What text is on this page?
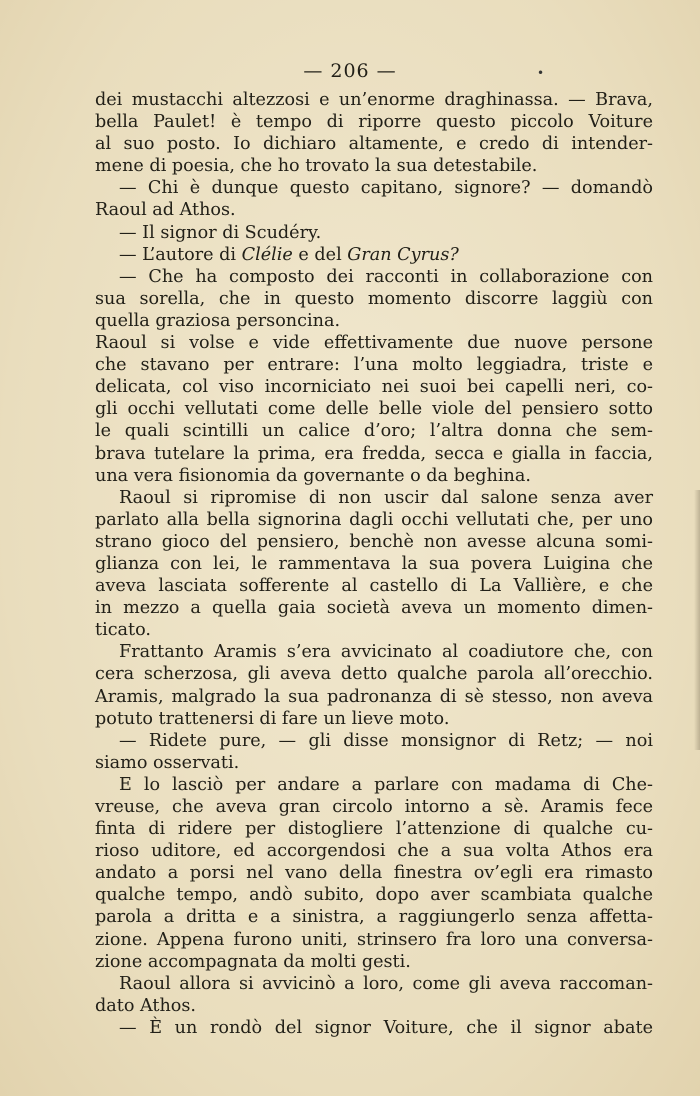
— 206 —	•
dei mustacchi altezzosi e un’enorme draghinassa. — Brava,
bella Paulet! è tempo di riporre questo piccolo Voiture
al suo posto. Io dichiaro altamente, e credo di intender-
mene di poesia, che ho trovato la sua detestabile.
— Chi è dunque questo capitano, signore? — domandò
Raoul ad Athos.
— Il signor di Scudéry.
— L’autore di Clélie e del Gran Cyrus?
— Che ha composto dei racconti in collaborazione con
sua sorella, che in questo momento discorre laggiù con
quella graziosa personcina.
Raoul si volse e vide effettivamente due nuove persone
che stavano per entrare: l’una molto leggiadra, triste e
delicata, col viso incorniciato nei suoi bei capelli neri, co-
gli occhi vellutati come delle belle viole del pensiero sotto
le quali scintilli un calice d’oro; l’altra donna che sem-
brava tutelare la prima, era fredda, secca e gialla in faccia,
una vera fisionomia da governante o da beghina.
Raoul si ripromise di non uscir dal salone senza aver
parlato alla bella signorina dagli occhi vellutati che, per uno
strano gioco del pensiero, benchè non avesse alcuna somi-
glianza con lei, le rammentava la sua povera Luigina che
aveva lasciata sofferente al castello di La Vallière, e che
in mezzo a quella gaia società aveva un momento dimen-
ticato.
Frattanto Aramis s’era avvicinato al coadiutore che, con
cera scherzosa, gli aveva detto qualche parola all’orecchio.
Aramis, malgrado la sua padronanza di sè stesso, non aveva
potuto trattenersi di fare un lieve moto.
— Ridete pure, — gli disse monsignor di Retz; — noi
siamo osservati.
E lo lasciò per andare a parlare con madama di Che-
vreuse, che aveva gran circolo intorno a sè. Aramis fece
finta di ridere per distogliere l’attenzione di qualche cu-
rioso uditore, ed accorgendosi che a sua volta Athos era
andato a porsi nel vano della finestra ov’egli era rimasto
qualche tempo, andò subito, dopo aver scambiata qualche
parola a dritta e a sinistra, a raggiungerlo senza affetta-
zione. Appena furono uniti, strinsero fra loro una conversa-
zione accompagnata da molti gesti.
Raoul allora si avvicinò a loro, come gli aveva raccoman-
dato Athos.
— È un rondò del signor Voiture, che il signor abate
